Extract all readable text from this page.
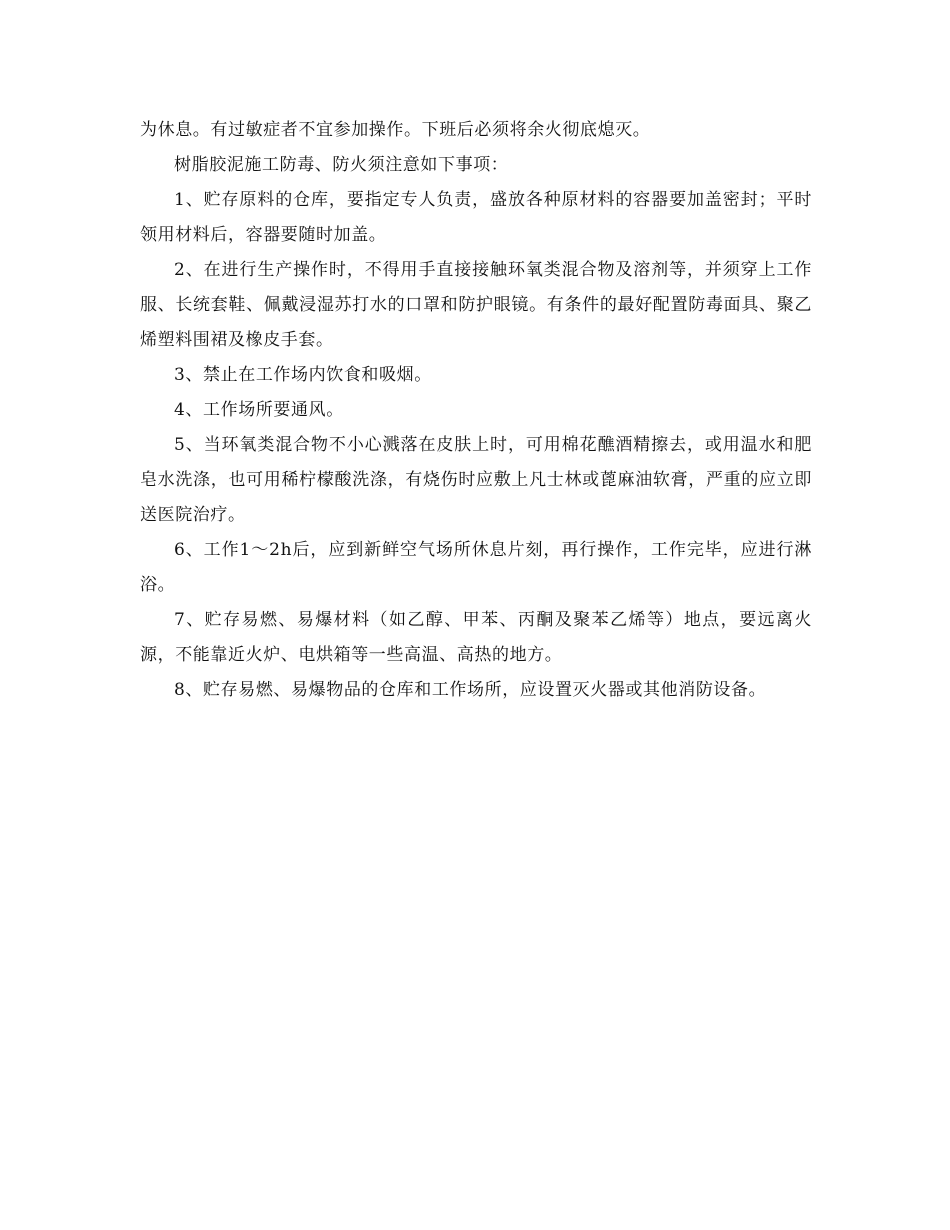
为休息。有过敏症者不宜参加操作。下班后必须将余火彻底熄灭。

树脂胶泥施工防毒、防火须注意如下事项：

1、贮存原料的仓库，要指定专人负责，盛放各种原材料的容器要加盖密封；平时领用材料后，容器要随时加盖。

2、在进行生产操作时，不得用手直接接触环氧类混合物及溶剂等，并须穿上工作服、长统套鞋、佩戴浸湿苏打水的口罩和防护眼镜。有条件的最好配置防毒面具、聚乙烯塑料围裙及橡皮手套。

3、禁止在工作场内饮食和吸烟。

4、工作场所要通风。

5、当环氧类混合物不小心溅落在皮肤上时，可用棉花醮酒精擦去，或用温水和肥皂水洗涤，也可用稀柠檬酸洗涤，有烧伤时应敷上凡士林或蓖麻油软膏，严重的应立即送医院治疗。

6、工作1～2h后，应到新鲜空气场所休息片刻，再行操作，工作完毕，应进行淋浴。

7、贮存易燃、易爆材料（如乙醇、甲苯、丙酮及聚苯乙烯等）地点，要远离火源，不能靠近火炉、电烘箱等一些高温、高热的地方。

8、贮存易燃、易爆物品的仓库和工作场所，应设置灭火器或其他消防设备。
